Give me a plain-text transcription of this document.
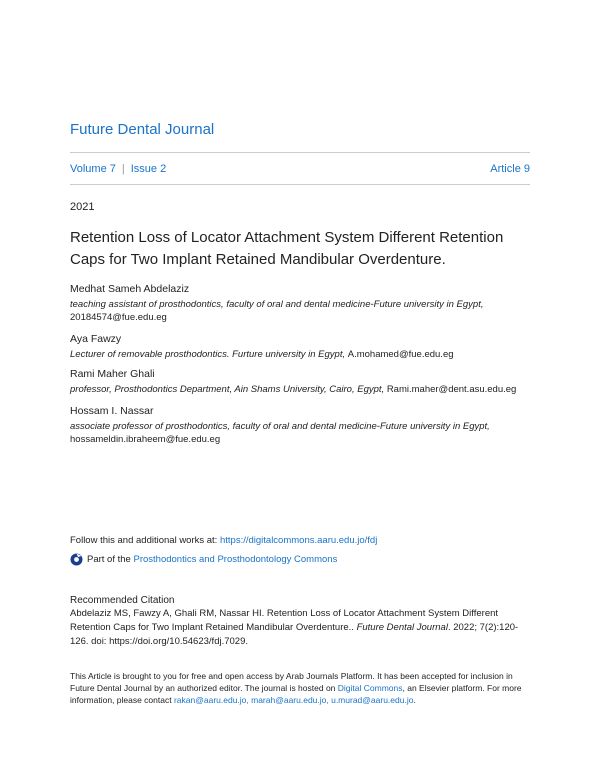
Future Dental Journal
Volume 7 | Issue 2	Article 9
2021
Retention Loss of Locator Attachment System Different Retention Caps for Two Implant Retained Mandibular Overdenture.
Medhat Sameh Abdelaziz
teaching assistant of prosthodontics, faculty of oral and dental medicine-Future university in Egypt,
20184574@fue.edu.eg
Aya Fawzy
Lecturer of removable prosthodontics. Furture university in Egypt, A.mohamed@fue.edu.eg
Rami Maher Ghali
professor, Prosthodontics Department, Ain Shams University, Cairo, Egypt, Rami.maher@dent.asu.edu.eg
Hossam I. Nassar
associate professor of prosthodontics, faculty of oral and dental medicine-Future university in Egypt,
hossameldin.ibraheem@fue.edu.eg
Follow this and additional works at: https://digitalcommons.aaru.edu.jo/fdj
Part of the
Prosthodontics and Prosthodontology Commons
Recommended Citation
Abdelaziz MS, Fawzy A, Ghali RM, Nassar HI. Retention Loss of Locator Attachment System Different Retention Caps for Two Implant Retained Mandibular Overdenture.. Future Dental Journal. 2022; 7(2):120-126. doi: https://doi.org/10.54623/fdj.7029.
This Article is brought to you for free and open access by Arab Journals Platform. It has been accepted for inclusion in Future Dental Journal by an authorized editor. The journal is hosted on Digital Commons, an Elsevier platform. For more information, please contact rakan@aaru.edu.jo, marah@aaru.edu.jo, u.murad@aaru.edu.jo.
